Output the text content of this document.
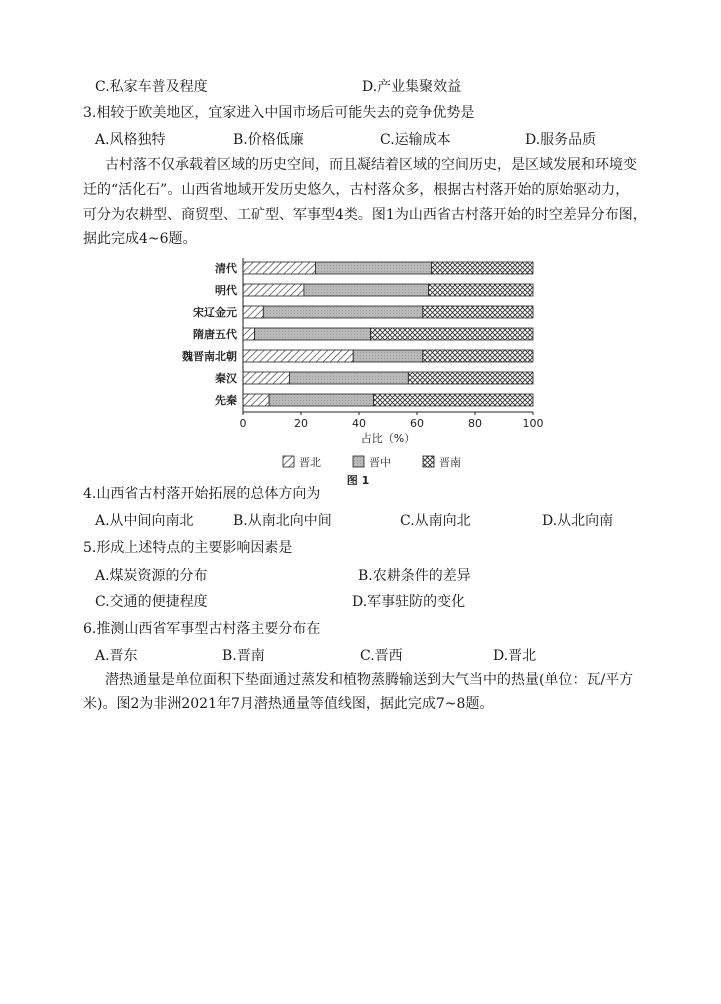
C.私家车普及程度	D.产业集聚效益
3.相较于欧美地区，宜家进入中国市场后可能失去的竞争优势是
A.风格独特	B.价格低廉	C.运输成本	D.服务品质
古村落不仅承载着区域的历史空间，而且凝结着区域的空间历史，是区域发展和环境变
迁的“活化石”。山西省地域开发历史悠久，古村落众多，根据古村落开始的原始驱动力，
可分为农耕型、商贸型、工矿型、军事型4类。图1为山西省古村落开始的时空差异分布图，
据此完成4~6题。
清代
明代
宋辽金元
隋唐五代
魏晋南北朝
秦汉
先秦
0	20	40	60	80	100
晋北	晋中	晋南
占比（%）
图 1
4.山西省古村落开始拓展的总体方向为
A.从中间向南北	B.从南北向中间	C.从南向北	D.从北向南
5.形成上述特点的主要影响因素是
A.煤炭资源的分布	B.农耕条件的差异
C.交通的便捷程度	D.军事驻防的变化
6.推测山西省军事型古村落主要分布在
A.晋东	B.晋南	C.晋西	D.晋北
潜热通量是单位面积下垫面通过蒸发和植物蒸腾输送到大气当中的热量(单位：瓦/平方
米)。图2为非洲2021年7月潜热通量等值线图，据此完成7~8题。
